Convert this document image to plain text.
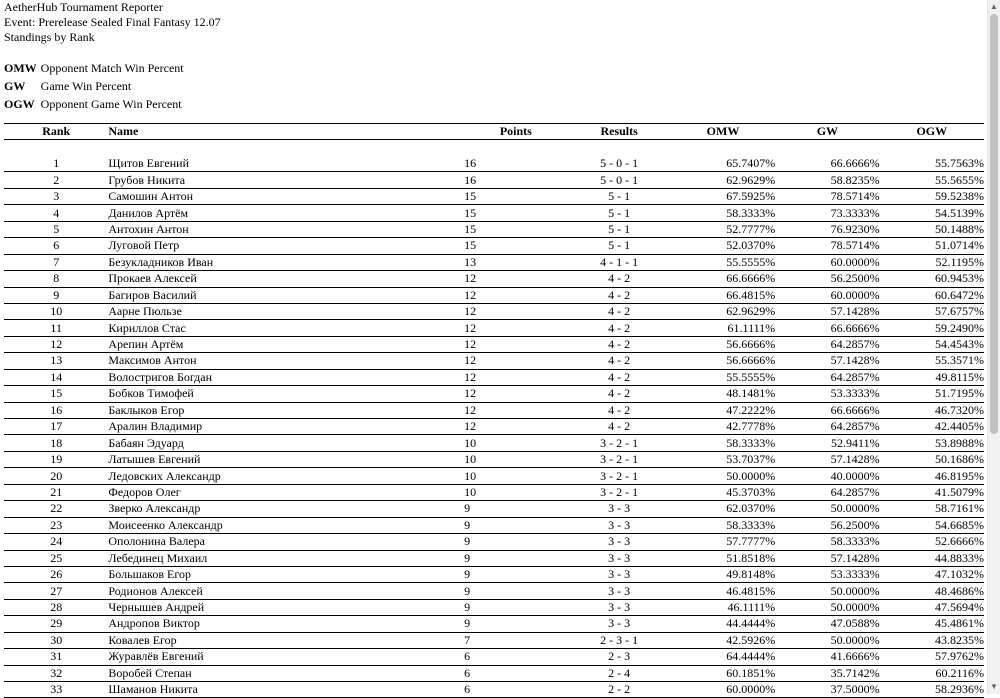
AetherHub Tournament Reporter
Event: Prerelease Sealed Final Fantasy 12.07
Standings by Rank
OMW	Opponent Match Win Percent
GW	Game Win Percent
OGW	Opponent Game Win Percent
Rank	Name	Points	Results	OMW	GW	OGW

1	Щитов Евгений	16	5 - 0 - 1	65.7407%	66.6666%	55.7563%
2	Грубов Никита	16	5 - 0 - 1	62.9629%	58.8235%	55.5655%
3	Самошин Антон	15	5 - 1	67.5925%	78.5714%	59.5238%
4	Данилов Артём	15	5 - 1	58.3333%	73.3333%	54.5139%
5	Антохин Антон	15	5 - 1	52.7777%	76.9230%	50.1488%
6	Луговой Петр	15	5 - 1	52.0370%	78.5714%	51.0714%
7	Безукладников Иван	13	4 - 1 - 1	55.5555%	60.0000%	52.1195%
8	Прокаев Алексей	12	4 - 2	66.6666%	56.2500%	60.9453%
9	Багиров Василий	12	4 - 2	66.4815%	60.0000%	60.6472%
10	Аарне Пюльзе	12	4 - 2	62.9629%	57.1428%	57.6757%
11	Кириллов Стас	12	4 - 2	61.1111%	66.6666%	59.2490%
12	Арепин Артём	12	4 - 2	56.6666%	64.2857%	54.4543%
13	Максимов Антон	12	4 - 2	56.6666%	57.1428%	55.3571%
14	Волостригов Богдан	12	4 - 2	55.5555%	64.2857%	49.8115%
15	Бобков Тимофей	12	4 - 2	48.1481%	53.3333%	51.7195%
16	Баклыков Егор	12	4 - 2	47.2222%	66.6666%	46.7320%
17	Аралин Владимир	12	4 - 2	42.7778%	64.2857%	42.4405%
18	Бабаян Эдуард	10	3 - 2 - 1	58.3333%	52.9411%	53.8988%
19	Латышев Евгений	10	3 - 2 - 1	53.7037%	57.1428%	50.1686%
20	Ледовских Александр	10	3 - 2 - 1	50.0000%	40.0000%	46.8195%
21	Федоров Олег	10	3 - 2 - 1	45.3703%	64.2857%	41.5079%
22	Зверко Александр	9	3 - 3	62.0370%	50.0000%	58.7161%
23	Моисеенко Александр	9	3 - 3	58.3333%	56.2500%	54.6685%
24	Ополонина Валера	9	3 - 3	57.7777%	58.3333%	52.6666%
25	Лебединец Михаил	9	3 - 3	51.8518%	57.1428%	44.8833%
26	Большаков Егор	9	3 - 3	49.8148%	53.3333%	47.1032%
27	Родионов Алексей	9	3 - 3	46.4815%	50.0000%	48.4686%
28	Чернышев Андрей	9	3 - 3	46.1111%	50.0000%	47.5694%
29	Андропов Виктор	9	3 - 3	44.4444%	47.0588%	45.4861%
30	Ковалев Егор	7	2 - 3 - 1	42.5926%	50.0000%	43.8235%
31	Журавлёв Евгений	6	2 - 3	64.4444%	41.6666%	57.9762%
32	Воробей Степан	6	2 - 4	60.1851%	35.7142%	60.2116%
33	Шаманов Никита	6	2 - 2	60.0000%	37.5000%	58.2936%
▲
▼
